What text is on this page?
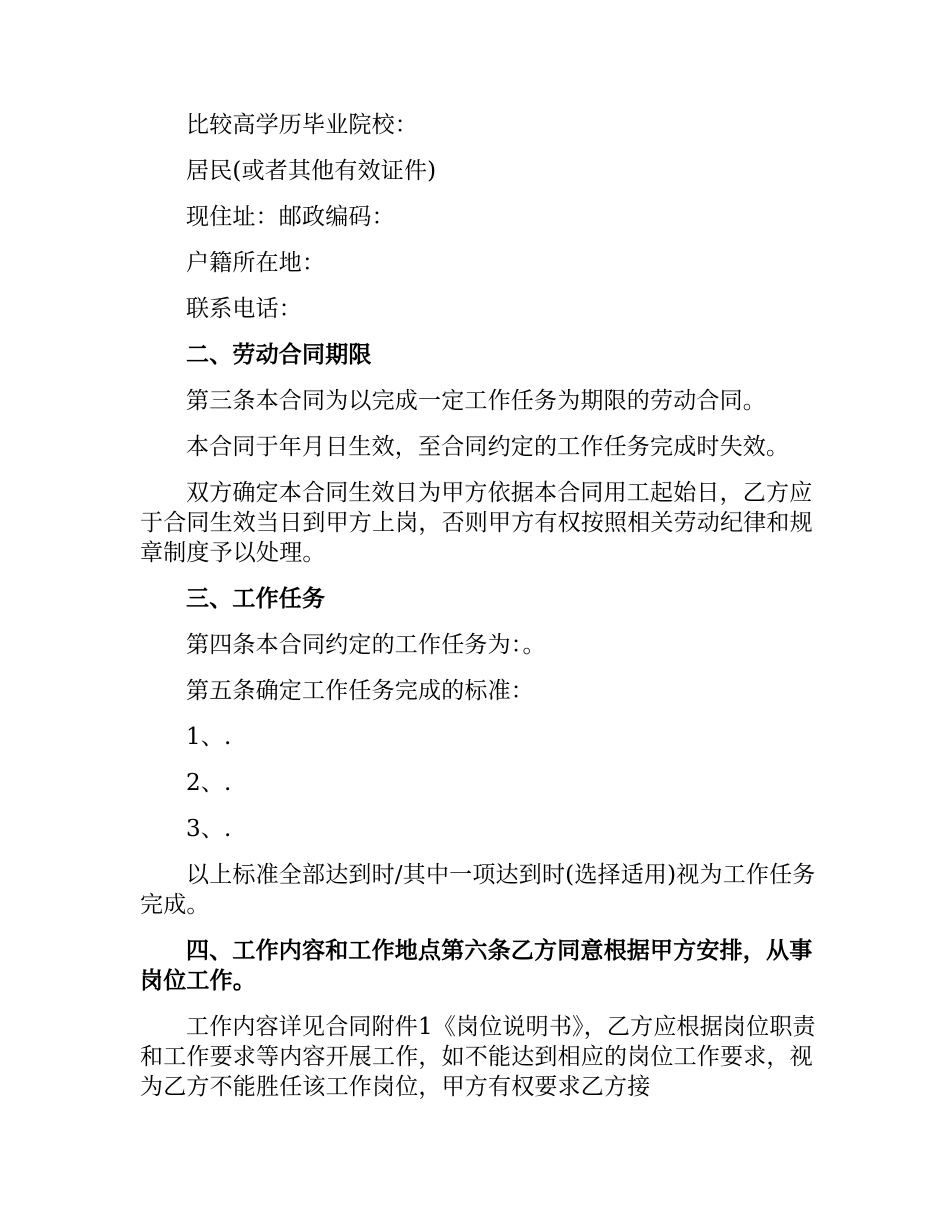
比较高学历毕业院校：

居民(或者其他有效证件)

现住址：邮政编码：

户籍所在地：

联系电话：

二、劳动合同期限

第三条本合同为以完成一定工作任务为期限的劳动合同。

本合同于年月日生效，至合同约定的工作任务完成时失效。

双方确定本合同生效日为甲方依据本合同用工起始日，乙方应于合同生效当日到甲方上岗，否则甲方有权按照相关劳动纪律和规章制度予以处理。

三、工作任务

第四条本合同约定的工作任务为：。

第五条确定工作任务完成的标准：

1、.

2、.

3、.

以上标准全部达到时/其中一项达到时(选择适用)视为工作任务完成。

四、工作内容和工作地点第六条乙方同意根据甲方安排，从事岗位工作。

工作内容详见合同附件1《岗位说明书》，乙方应根据岗位职责和工作要求等内容开展工作，如不能达到相应的岗位工作要求，视为乙方不能胜任该工作岗位，甲方有权要求乙方接
